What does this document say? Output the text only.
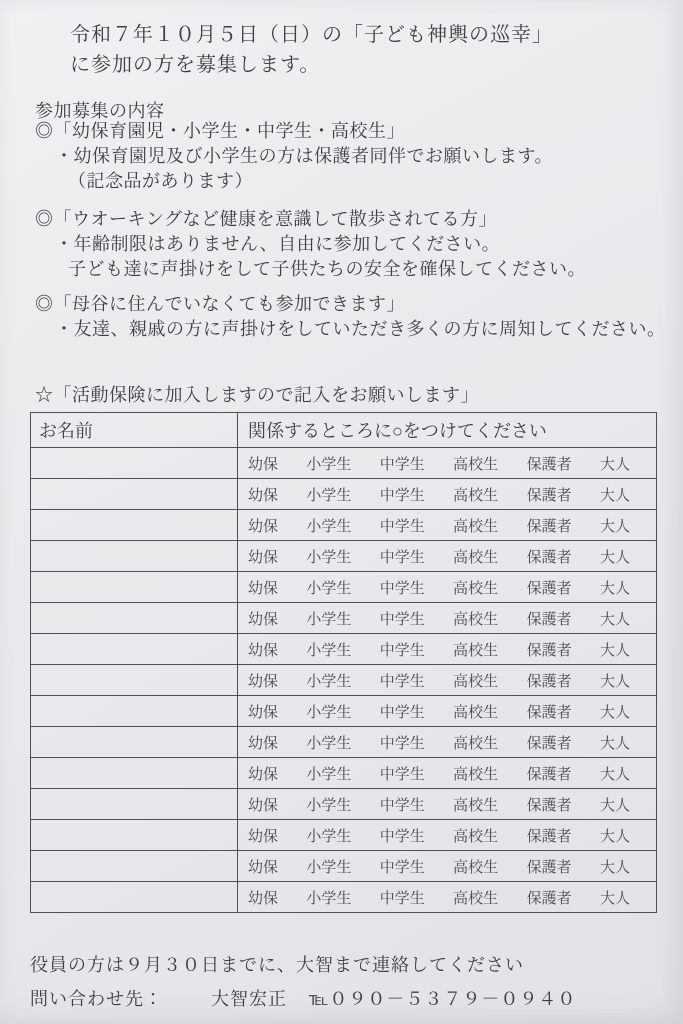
令和７年１０月５日（日）の「子ども神輿の巡幸」
に参加の方を募集します。
参加募集の内容
◎「幼保育園児・小学生・中学生・高校生」
・幼保育園児及び小学生の方は保護者同伴でお願いします。
（記念品があります）
◎「ウオーキングなど健康を意識して散歩されてる方」
・年齢制限はありません、自由に参加してください。
子ども達に声掛けをして子供たちの安全を確保してください。
◎「母谷に住んでいなくても参加できます」
・友達、親戚の方に声掛けをしていただき多くの方に周知してください。
☆「活動保険に加入しますので記入をお願いします」
お名前	関係するところに○をつけてください

幼保 小学生 中学生 高校生 保護者 大人

幼保 小学生 中学生 高校生 保護者 大人

幼保 小学生 中学生 高校生 保護者 大人

幼保 小学生 中学生 高校生 保護者 大人

幼保 小学生 中学生 高校生 保護者 大人

幼保 小学生 中学生 高校生 保護者 大人

幼保 小学生 中学生 高校生 保護者 大人

幼保 小学生 中学生 高校生 保護者 大人

幼保 小学生 中学生 高校生 保護者 大人

幼保 小学生 中学生 高校生 保護者 大人

幼保 小学生 中学生 高校生 保護者 大人

幼保 小学生 中学生 高校生 保護者 大人

幼保 小学生 中学生 高校生 保護者 大人

幼保 小学生 中学生 高校生 保護者 大人

幼保 小学生 中学生 高校生 保護者 大人
役員の方は９月３０日までに、大智まで連絡してください
問い合わせ先：	大智宏正 ℡０９０－５３７９－０９４０
